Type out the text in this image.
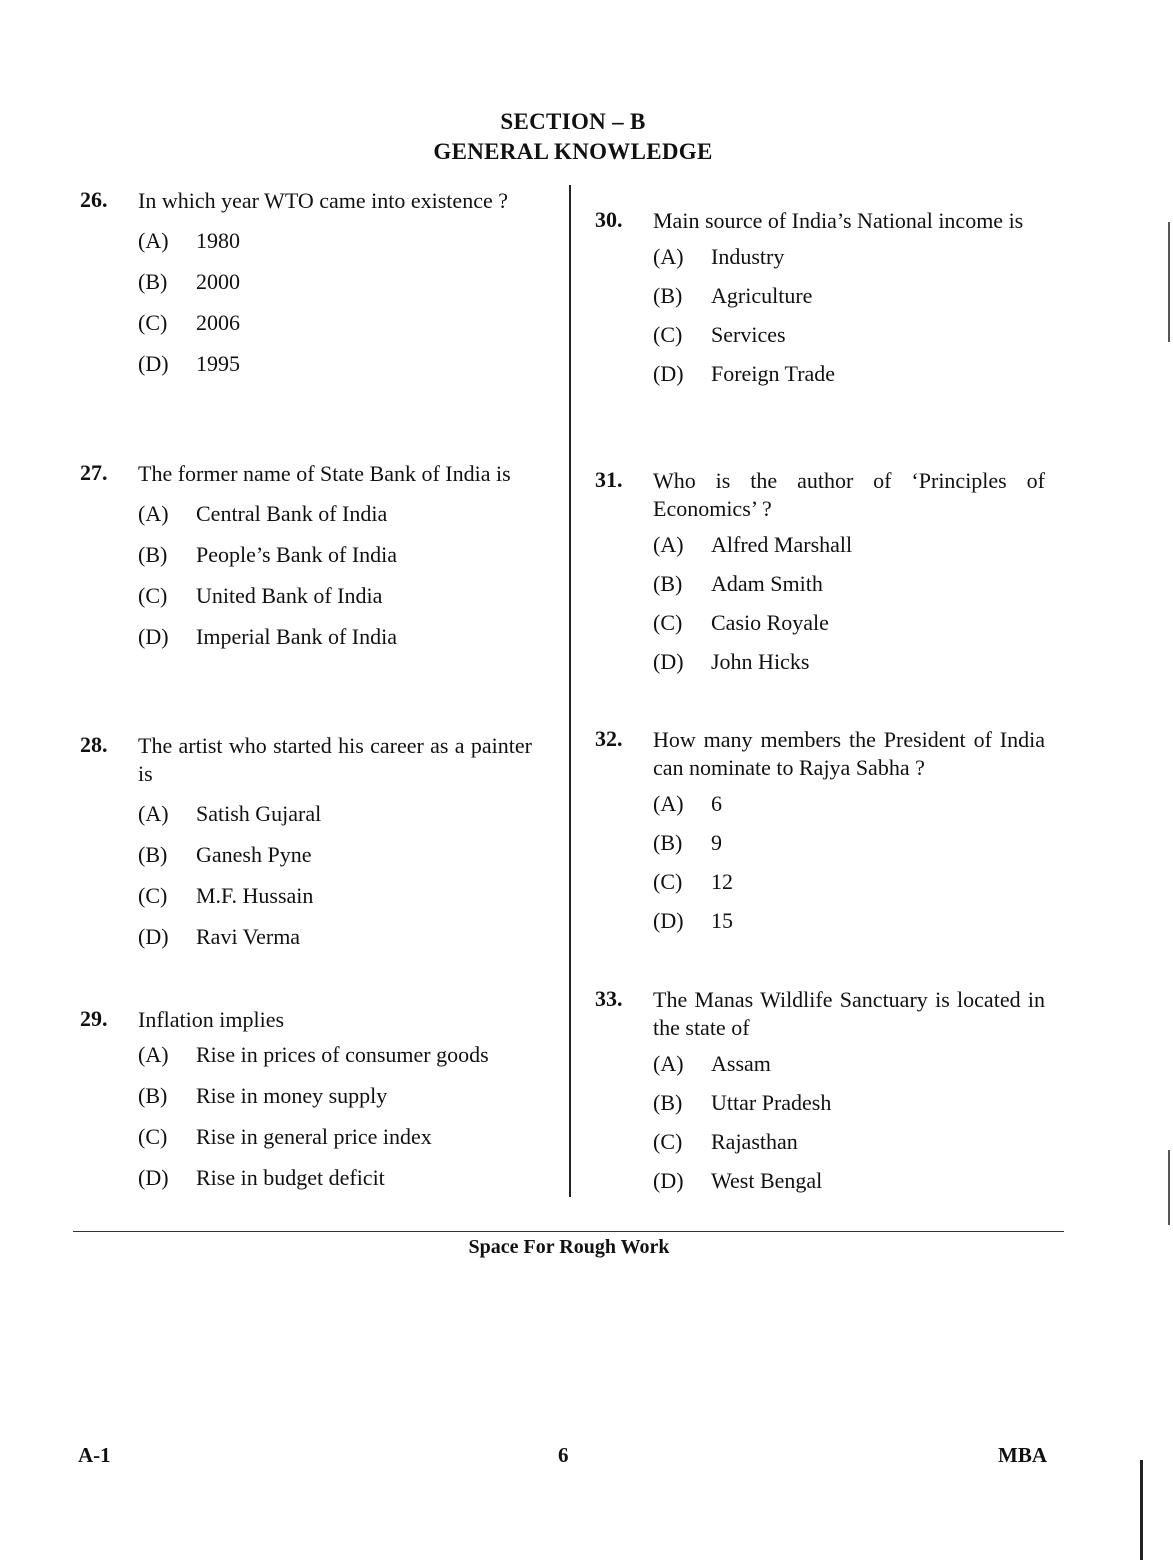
SECTION – B
GENERAL KNOWLEDGE
26.	In which year WTO came into existence ?
(A)	1980
(B)	2000
(C)	2006
(D)	1995
27.	The former name of State Bank of India is
(A)	Central Bank of India
(B)	People’s Bank of India
(C)	United Bank of India
(D)	Imperial Bank of India
28.	The artist who started his career as a painter is
(A)	Satish Gujaral
(B)	Ganesh Pyne
(C)	M.F. Hussain
(D)	Ravi Verma
29.	Inflation implies
(A)	Rise in prices of consumer goods
(B)	Rise in money supply
(C)	Rise in general price index
(D)	Rise in budget deficit
30.	Main source of India’s National income is
(A)	Industry
(B)	Agriculture
(C)	Services
(D)	Foreign Trade
31.	Who is the author of ‘Principles of Economics’ ?
(A)	Alfred Marshall
(B)	Adam Smith
(C)	Casio Royale
(D)	John Hicks
32.	How many members the President of India can nominate to Rajya Sabha ?
(A)	6
(B)	9
(C)	12
(D)	15
33.	The Manas Wildlife Sanctuary is located in the state of
(A)	Assam
(B)	Uttar Pradesh
(C)	Rajasthan
(D)	West Bengal
Space For Rough Work
A-1	6	MBA
